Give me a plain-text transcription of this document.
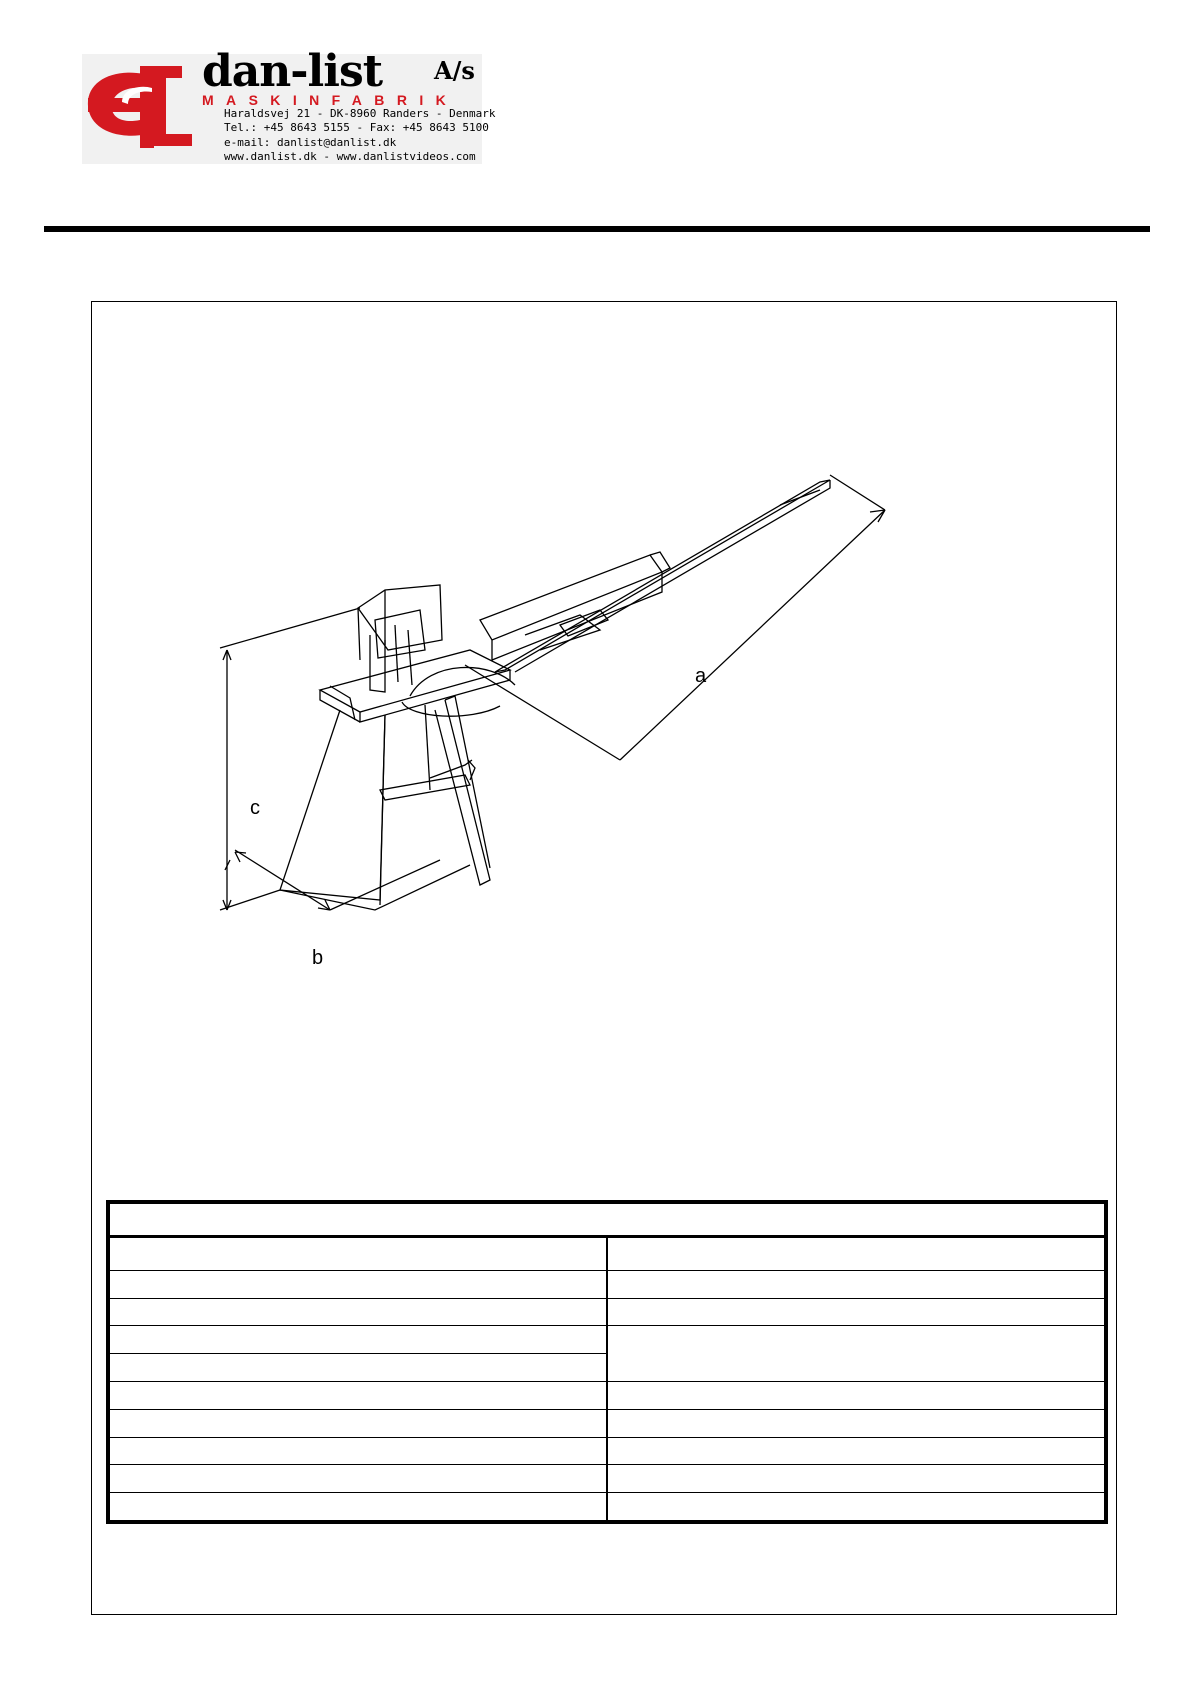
dan-list A/s
MASKINFABRIK
Haraldsvej 21 - DK-8960 Randers - Denmark
Tel.: +45 8643 5155 - Fax: +45 8643 5100
e-mail: danlist@danlist.dk
www.danlist.dk - www.danlistvideos.com
a
b
c
